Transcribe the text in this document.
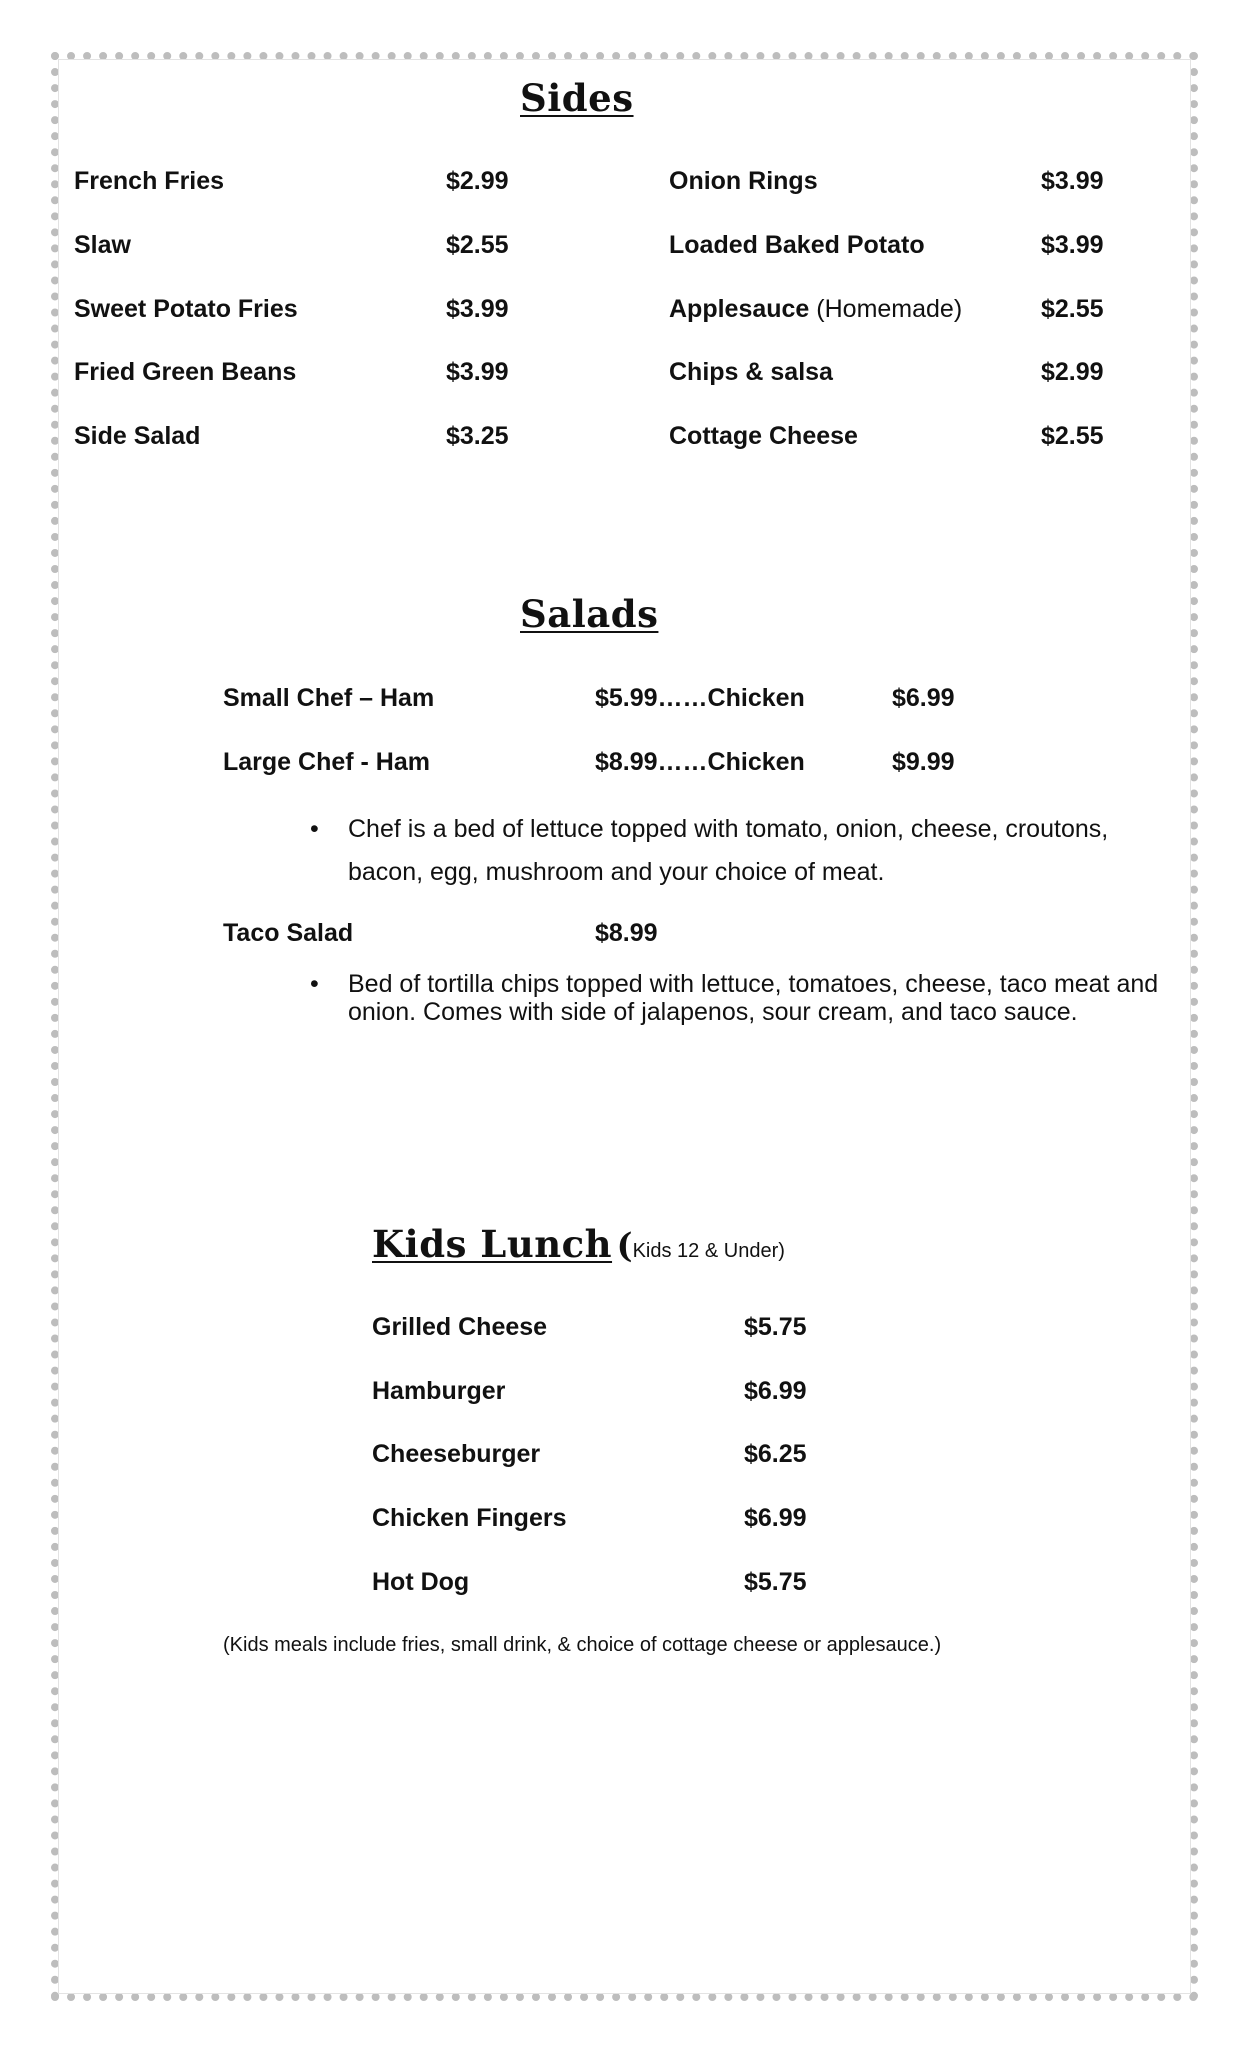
Sides
French Fries	$2.99
Slaw	$2.55
Sweet Potato Fries	$3.99
Fried Green Beans	$3.99
Side Salad	$3.25
Onion Rings	$3.99
Loaded Baked Potato	$3.99
Applesauce (Homemade)	$2.55
Chips & salsa	$2.99
Cottage Cheese	$2.55
Salads
Small Chef – Ham	$5.99……Chicken	$6.99
Large Chef - Ham	$8.99……Chicken	$9.99
• Chef is a bed of lettuce topped with tomato, onion, cheese, croutons, bacon, egg, mushroom and your choice of meat.
Taco Salad	$8.99
• Bed of tortilla chips topped with lettuce, tomatoes, cheese, taco meat and onion. Comes with side of jalapenos, sour cream, and taco sauce.
Kids Lunch (Kids 12 & Under)
Grilled Cheese	$5.75
Hamburger	$6.99
Cheeseburger	$6.25
Chicken Fingers	$6.99
Hot Dog	$5.75
(Kids meals include fries, small drink, & choice of cottage cheese or applesauce.)
